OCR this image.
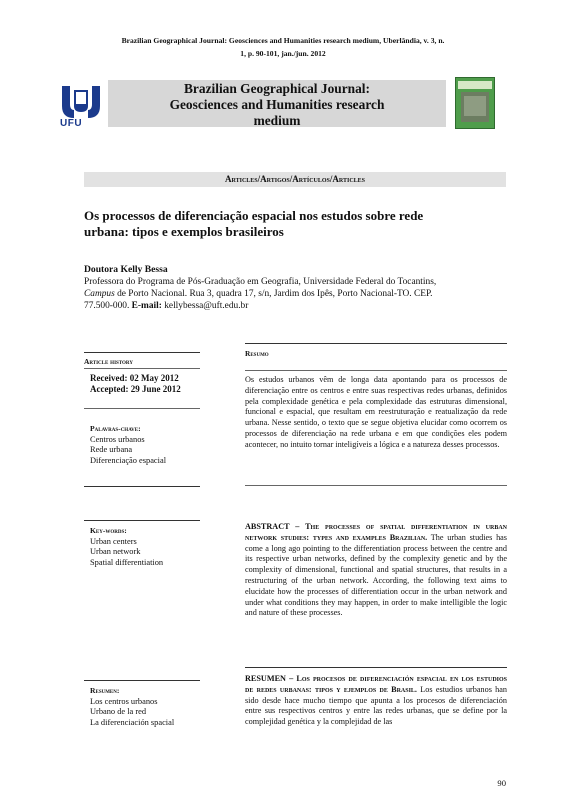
Brazilian Geographical Journal: Geosciences and Humanities research medium, Uberlândia, v. 3, n.
1, p. 90-101, jan./jun. 2012
UFU
Brazilian Geographical Journal:
Geosciences and Humanities research
medium
Articles/Artigos/Artículos/Articles
Os processos de diferenciação espacial nos estudos sobre rede
urbana: tipos e exemplos brasileiros
Doutora Kelly Bessa
Professora do Programa de Pós-Graduação em Geografia, Universidade Federal do Tocantins,
Campus de Porto Nacional. Rua 3, quadra 17, s/n, Jardim dos Ipês, Porto Nacional-TO. CEP.
77.500-000. E-mail: kellybessa@uft.edu.br
Article history
Received: 02 May 2012
Accepted: 29 June 2012
Palavras-chave:
Centros urbanos
Rede urbana
Diferenciação espacial
Key-words:
Urban centers
Urban network
Spatial differentiation
Resumen:
Los centros urbanos
Urbano de la red
La diferenciación spacial
Resumo
Os estudos urbanos vêm de longa data apontando para os processos de diferenciação entre os centros e entre suas respectivas redes urbanas, definidos pela complexidade genética e pela complexidade das estruturas dimensional, funcional e espacial, que resultam em reestruturação e reatualização da rede urbana. Nesse sentido, o texto que se segue objetiva elucidar como ocorrem os processos de diferenciação na rede urbana e em que condições eles podem acontecer, no intuito tornar inteligíveis a lógica e a natureza desses processos.
ABSTRACT – The processes of spatial differentiation in urban network studies: types and examples Brazilian. The urban studies has come a long ago pointing to the differentiation process between the centre and its respective urban networks, defined by the complexity genetic and by the complexity of dimensional, functional and spatial structures, that results in a restructuring of the urban network. According, the following text aims to elucidate how the processes of differentiation occur in the urban network and under what conditions they may happen, in order to make intelligible the logic and nature of these processes.
RESUMEN – Los procesos de diferenciación espacial en los estudios de redes urbanas: tipos y ejemplos de Brasil. Los estudios urbanos han sido desde hace mucho tiempo que apunta a los procesos de diferenciación entre sus respectivos centros y entre las redes urbanas, que se define por la complejidad genética y la complejidad de las
90
